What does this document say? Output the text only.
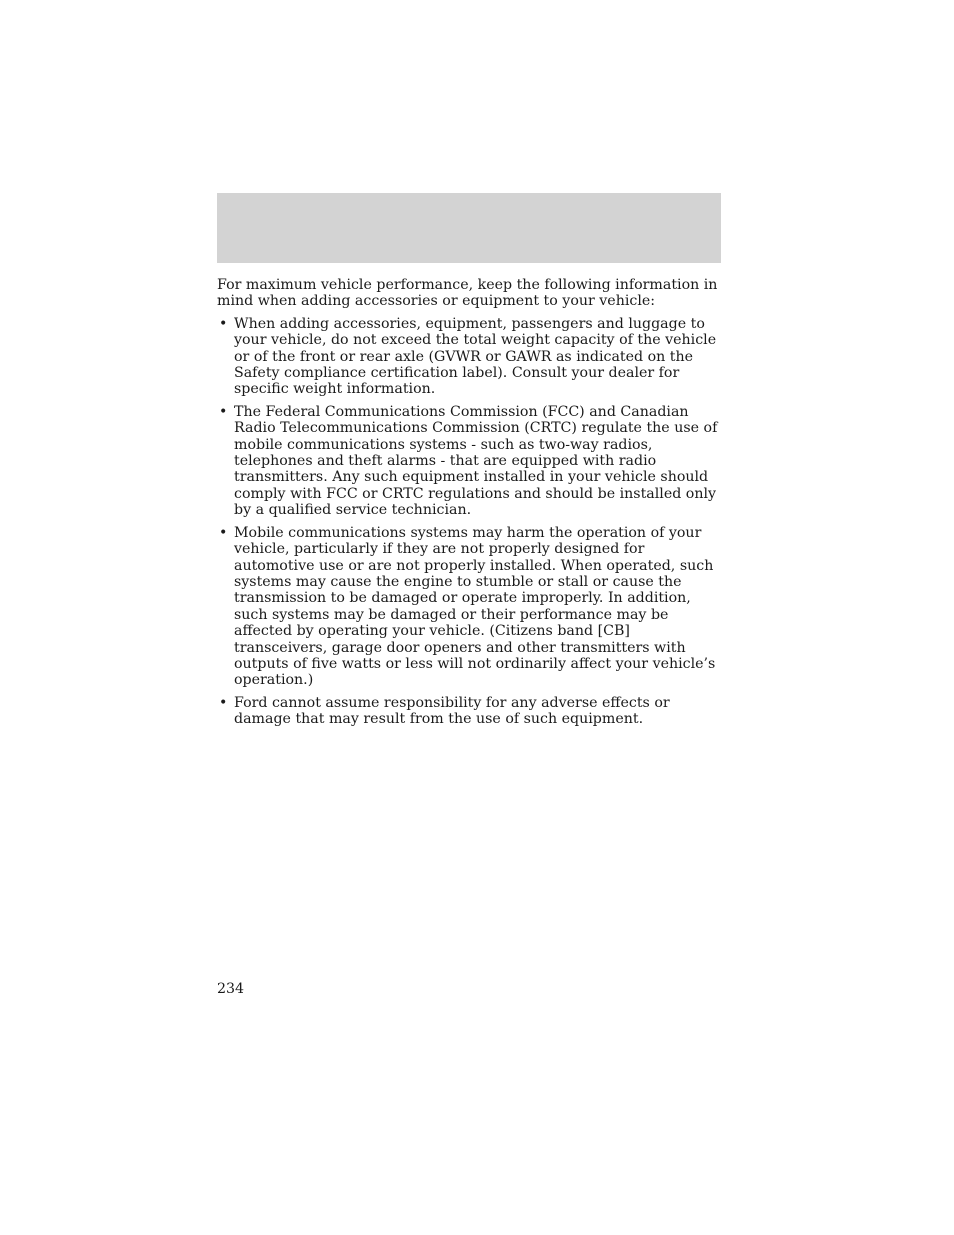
For maximum vehicle performance, keep the following information in mind when adding accessories or equipment to your vehicle:

• When adding accessories, equipment, passengers and luggage to your vehicle, do not exceed the total weight capacity of the vehicle or of the front or rear axle (GVWR or GAWR as indicated on the Safety compliance certification label). Consult your dealer for specific weight information.
• The Federal Communications Commission (FCC) and Canadian Radio Telecommunications Commission (CRTC) regulate the use of mobile communications systems - such as two-way radios, telephones and theft alarms - that are equipped with radio transmitters. Any such equipment installed in your vehicle should comply with FCC or CRTC regulations and should be installed only by a qualified service technician.
• Mobile communications systems may harm the operation of your vehicle, particularly if they are not properly designed for automotive use or are not properly installed. When operated, such systems may cause the engine to stumble or stall or cause the transmission to be damaged or operate improperly. In addition, such systems may be damaged or their performance may be affected by operating your vehicle. (Citizens band [CB] transceivers, garage door openers and other transmitters with outputs of five watts or less will not ordinarily affect your vehicle’s operation.)
• Ford cannot assume responsibility for any adverse effects or damage that may result from the use of such equipment.
234
